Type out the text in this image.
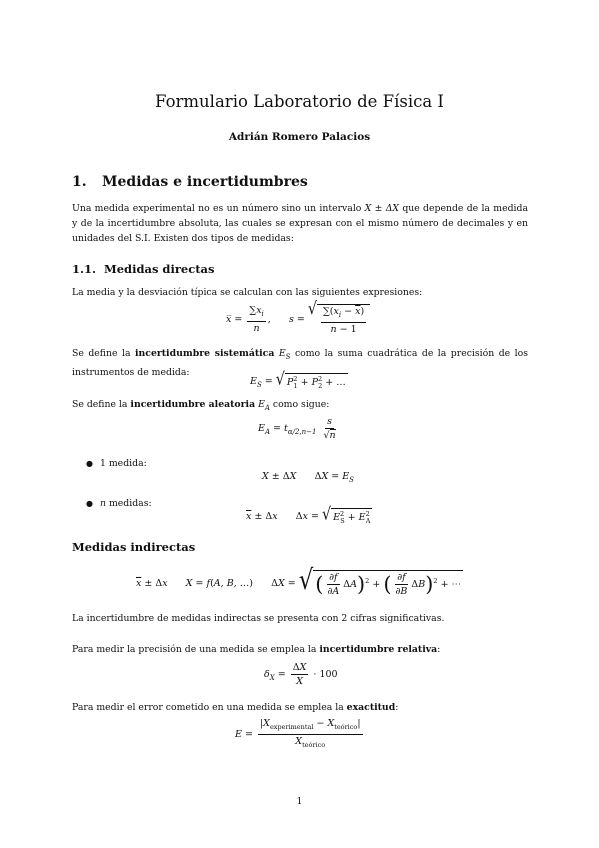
Formulario Laboratorio de Física I
Adrián Romero Palacios
1. Medidas e incertidumbres
Una medida experimental no es un número sino un intervalo X ± ΔX que depende de la medida y de la incertidumbre absoluta, las cuales se expresan con el mismo número de decimales y en unidades del S.I. Existen dos tipos de medidas:
1.1. Medidas directas
La media y la desviación típica se calculan con las siguientes expresiones:
x̅ = $\frac{\sum x_i}{n}$ , s =
√ $\frac{\sum(x_i - \overline{x})}{n - 1}$
Se define la incertidumbre sistemática $E_S$ como la suma cuadrática de la precisión de los instrumentos de medida:
$E_S$ = √ $P^2_1 + P^2_2$ + …
Se define la incertidumbre aleatoria $E_A$ como sigue:
$E_A = t_{\alpha/2,n-1} \frac{s}{√n}$
● 1 medida:
X ± ΔX $\Delta X = E_S$
● n medidas:
$\overline{x} \pm \Delta x$ Δx = √ $E^2_S + E^2_A$
Medidas indirectas
$\overline{x} \pm \Delta x$ X = f(A, B, …) ΔX = √ ( $\frac{\partial f}{\partial A} \Delta A)^2$ + ( $\frac{\partial f}{\partial B} \Delta B)^2$ + ⋯
La incertidumbre de medidas indirectas se presenta con 2 cifras significativas.
Para medir la precisión de una medida se emplea la incertidumbre relativa:
$\delta_X = \frac{\Delta X}{X} \cdot 100$
Para medir el error cometido en una medida se emplea la exactitud:
$E = \frac{|X_{experimental} - X_{teórico}|}{X_{teórico}}$
1
